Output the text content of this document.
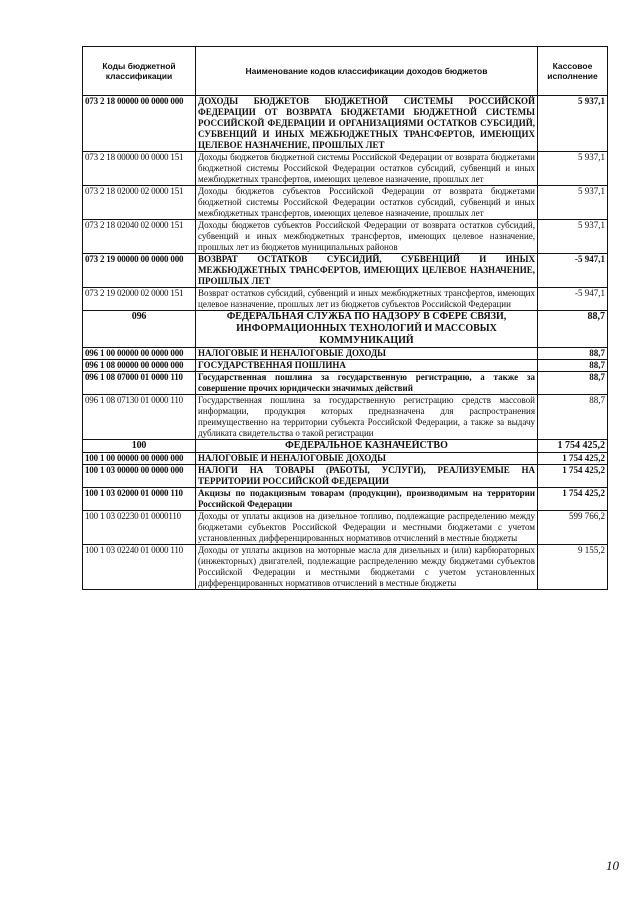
Коды бюджетной классификации	Наименование кодов классификации доходов бюджетов	Кассовое исполнение
073 2 18 00000 00 0000 000	ДОХОДЫ БЮДЖЕТОВ БЮДЖЕТНОЙ СИСТЕМЫ РОССИЙСКОЙ ФЕДЕРАЦИИ ОТ ВОЗВРАТА БЮДЖЕТАМИ БЮДЖЕТНОЙ СИСТЕМЫ РОССИЙСКОЙ ФЕДЕРАЦИИ И ОРГАНИЗАЦИЯМИ ОСТАТКОВ СУБСИДИЙ, СУБВЕНЦИЙ И ИНЫХ МЕЖБЮДЖЕТНЫХ ТРАНСФЕРТОВ, ИМЕЮЩИХ ЦЕЛЕВОЕ НАЗНАЧЕНИЕ, ПРОШЛЫХ ЛЕТ	5 937,1
073 2 18 00000 00 0000 151	Доходы бюджетов бюджетной системы Российской Федерации от возврата бюджетами бюджетной системы Российской Федерации остатков субсидий, субвенций и иных межбюджетных трансфертов, имеющих целевое назначение, прошлых лет	5 937,1
073 2 18 02000 02 0000 151	Доходы бюджетов субъектов Российской Федерации от возврата бюджетами бюджетной системы Российской Федерации остатков субсидий, субвенций и иных межбюджетных трансфертов, имеющих целевое назначение, прошлых лет	5 937,1
073 2 18 02040 02 0000 151	Доходы бюджетов субъектов Российской Федерации от возврата остатков субсидий, субвенций и иных межбюджетных трансфертов, имеющих целевое назначение, прошлых лет из бюджетов муниципальных районов	5 937,1
073 2 19 00000 00 0000 000	ВОЗВРАТ ОСТАТКОВ СУБСИДИЙ, СУБВЕНЦИЙ И ИНЫХ МЕЖБЮДЖЕТНЫХ ТРАНСФЕРТОВ, ИМЕЮЩИХ ЦЕЛЕВОЕ НАЗНАЧЕНИЕ, ПРОШЛЫХ ЛЕТ	-5 947,1
073 2 19 02000 02 0000 151	Возврат остатков субсидий, субвенций и иных межбюджетных трансфертов, имеющих целевое назначение, прошлых лет из бюджетов субъектов Российской Федерации	-5 947,1
096	ФЕДЕРАЛЬНАЯ СЛУЖБА ПО НАДЗОРУ В СФЕРЕ СВЯЗИ, ИНФОРМАЦИОННЫХ ТЕХНОЛОГИЙ И МАССОВЫХ КОММУНИКАЦИЙ	88,7
096 1 00 00000 00 0000 000	НАЛОГОВЫЕ И НЕНАЛОГОВЫЕ ДОХОДЫ	88,7
096 1 08 00000 00 0000 000	ГОСУДАРСТВЕННАЯ ПОШЛИНА	88,7
096 1 08 07000 01 0000 110	Государственная пошлина за государственную регистрацию, а также за совершение прочих юридически значимых действий	88,7
096 1 08 07130 01 0000 110	Государственная пошлина за государственную регистрацию средств массовой информации, продукция которых предназначена для распространения преимущественно на территории субъекта Российской Федерации, а также за выдачу дубликата свидетельства о такой регистрации	88,7
100	ФЕДЕРАЛЬНОЕ КАЗНАЧЕЙСТВО	1 754 425,2
100 1 00 00000 00 0000 000	НАЛОГОВЫЕ И НЕНАЛОГОВЫЕ ДОХОДЫ	1 754 425,2
100 1 03 00000 00 0000 000	НАЛОГИ НА ТОВАРЫ (РАБОТЫ, УСЛУГИ), РЕАЛИЗУЕМЫЕ НА ТЕРРИТОРИИ РОССИЙСКОЙ ФЕДЕРАЦИИ	1 754 425,2
100 1 03 02000 01 0000 110	Акцизы по подакцизным товарам (продукции), производимым на территории Российской Федерации	1 754 425,2
100 1 03 02230 01 0000110	Доходы от уплаты акцизов на дизельное топливо, подлежащие распределению между бюджетами субъектов Российской Федерации и местными бюджетами с учетом установленных дифференцированных нормативов отчислений в местные бюджеты	599 766,2
100 1 03 02240 01 0000 110	Доходы от уплаты акцизов на моторные масла для дизельных и (или) карбюраторных (инжекторных) двигателей, подлежащие распределению между бюджетами субъектов Российской Федерации и местными бюджетами с учетом установленных дифференцированных нормативов отчислений в местные бюджеты	9 155,2
10
